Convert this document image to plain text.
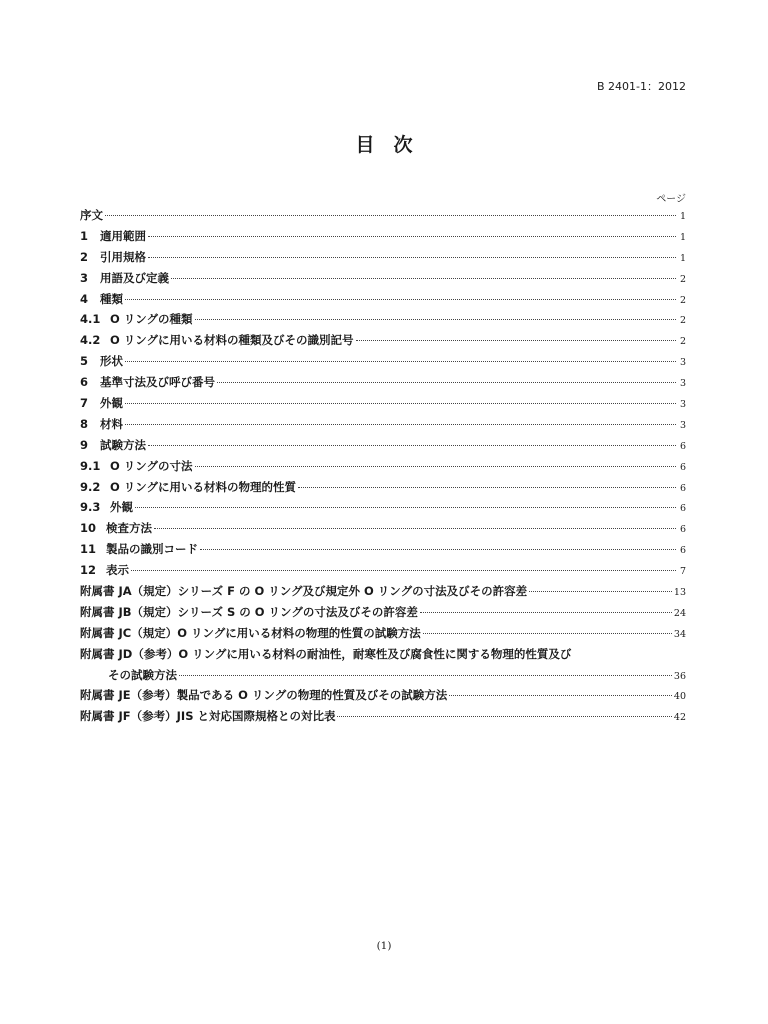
B 2401-1：2012
目　次
ページ
序文	1
1	適用範囲	1
2	引用規格	1
3	用語及び定義	2
4	種類	2
4.1 O リングの種類	2
4.2 O リングに用いる材料の種類及びその識別記号	2
5	形状	3
6	基準寸法及び呼び番号	3
7	外観	3
8	材料	3
9	試験方法	6
9.1 O リングの寸法	6
9.2 O リングに用いる材料の物理的性質	6
9.3 外観	6
10 検査方法	6
11 製品の識別コード	6
12 表示	7
附属書 JA（規定）シリーズ F の O リング及び規定外 O リングの寸法及びその許容差	13
附属書 JB（規定）シリーズ S の O リングの寸法及びその許容差	24
附属書 JC（規定）O リングに用いる材料の物理的性質の試験方法	34
附属書 JD（参考）O リングに用いる材料の耐油性，耐寒性及び腐食性に関する物理的性質及び
その試験方法	36
附属書 JE（参考）製品である O リングの物理的性質及びその試験方法	40
附属書 JF（参考）JIS と対応国際規格との対比表	42
(1)
